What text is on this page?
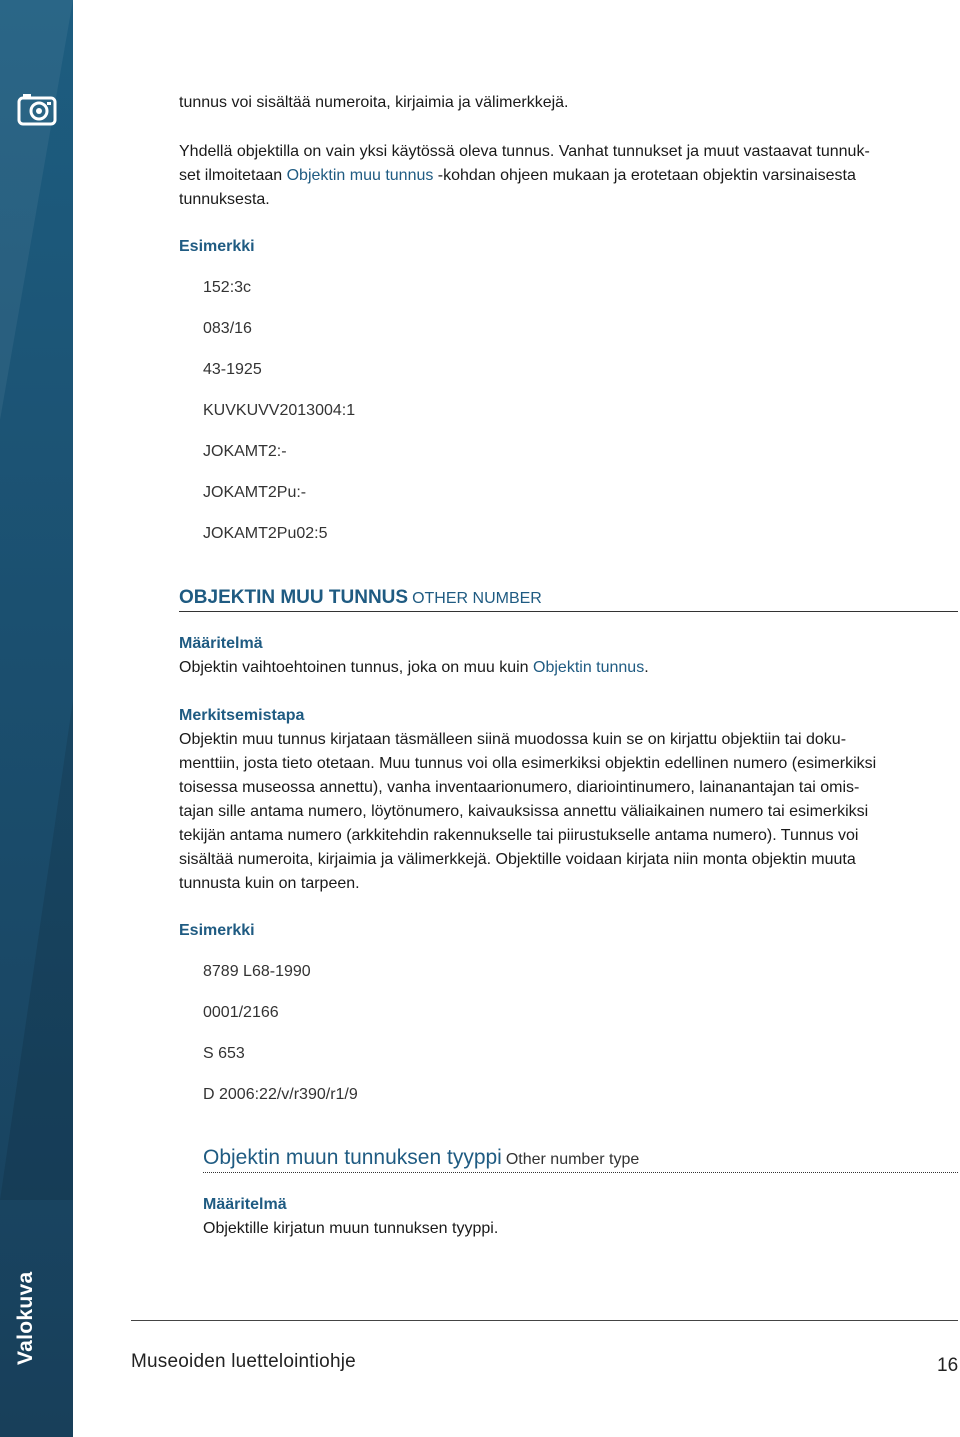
Valokuva
tunnus voi sisältää numeroita, kirjaimia ja välimerkkejä.
Yhdellä objektilla on vain yksi käytössä oleva tunnus. Vanhat tunnukset ja muut vastaavat tunnuk-
set ilmoitetaan Objektin muu tunnus -kohdan ohjeen mukaan ja erotetaan objektin varsinaisesta
tunnuksesta.
Esimerkki
152:3c
083/16
43-1925
KUVKUVV2013004:1
JOKAMT2:-
JOKAMT2Pu:-
JOKAMT2Pu02:5
OBJEKTIN MUU TUNNUS OTHER NUMBER
Määritelmä
Objektin vaihtoehtoinen tunnus, joka on muu kuin Objektin tunnus.
Merkitsemistapa
Objektin muu tunnus kirjataan täsmälleen siinä muodossa kuin se on kirjattu objektiin tai doku-
menttiin, josta tieto otetaan. Muu tunnus voi olla esimerkiksi objektin edellinen numero (esimerkiksi
toisessa museossa annettu), vanha inventaarionumero, diariointinumero, lainanantajan tai omis-
tajan sille antama numero, löytönumero, kaivauksissa annettu väliaikainen numero tai esimerkiksi
tekijän antama numero (arkkitehdin rakennukselle tai piirustukselle antama numero). Tunnus voi
sisältää numeroita, kirjaimia ja välimerkkejä. Objektille voidaan kirjata niin monta objektin muuta
tunnusta kuin on tarpeen.
Esimerkki
8789 L68-1990
0001/2166
S 653
D 2006:22/v/r390/r1/9
Objektin muun tunnuksen tyyppi Other number type
Määritelmä
Objektille kirjatun muun tunnuksen tyyppi.
Museoiden luettelointiohje	16
